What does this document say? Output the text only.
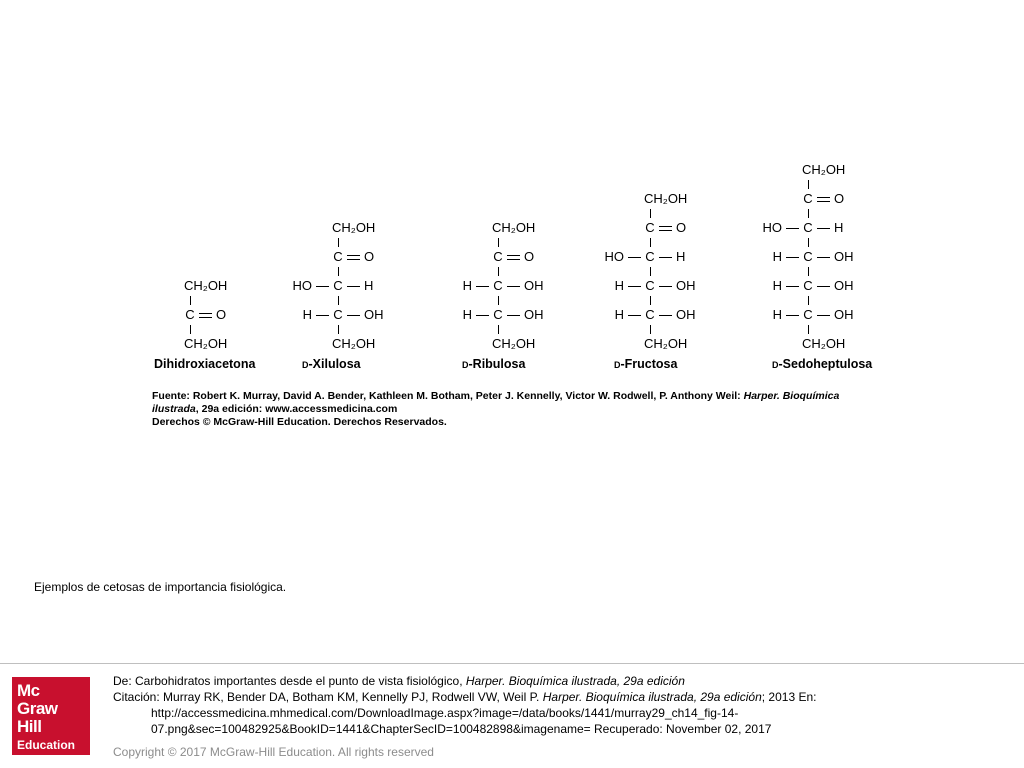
CH₂OH
C O
CH₂OH
Dihidroxiacetona
CH₂OH
C O
C
HO	H
C
H	OH
CH₂OH
D-Xilulosa
CH₂OH
C O
C
H	OH
C
H	OH
CH₂OH
D-Ribulosa
CH₂OH
C O
C
HO	H
C
H	OH
C
H	OH
CH₂OH
D-Fructosa
CH₂OH
C O
C
HO	H
C
H	OH
C
H	OH
C
H	OH
CH₂OH
D-Sedoheptulosa
Fuente: Robert K. Murray, David A. Bender, Kathleen M. Botham, Peter J. Kennelly, Victor W. Rodwell, P. Anthony Weil: Harper. Bioquímica
ilustrada, 29a edición: www.accessmedicina.com
Derechos © McGraw-Hill Education. Derechos Reservados.
Ejemplos de cetosas de importancia fisiológica.
Mc
Graw
Hill
Education
De: Carbohidratos importantes desde el punto de vista fisiológico, Harper. Bioquímica ilustrada, 29a edición
Citación: Murray RK, Bender DA, Botham KM, Kennelly PJ, Rodwell VW, Weil P. Harper. Bioquímica ilustrada, 29a edición; 2013 En:
http://accessmedicina.mhmedical.com/DownloadImage.aspx?image=/data/books/1441/murray29_ch14_fig-14-
07.png&sec=100482925&BookID=1441&ChapterSecID=100482898&imagename= Recuperado: November 02, 2017
Copyright © 2017 McGraw-Hill Education. All rights reserved
